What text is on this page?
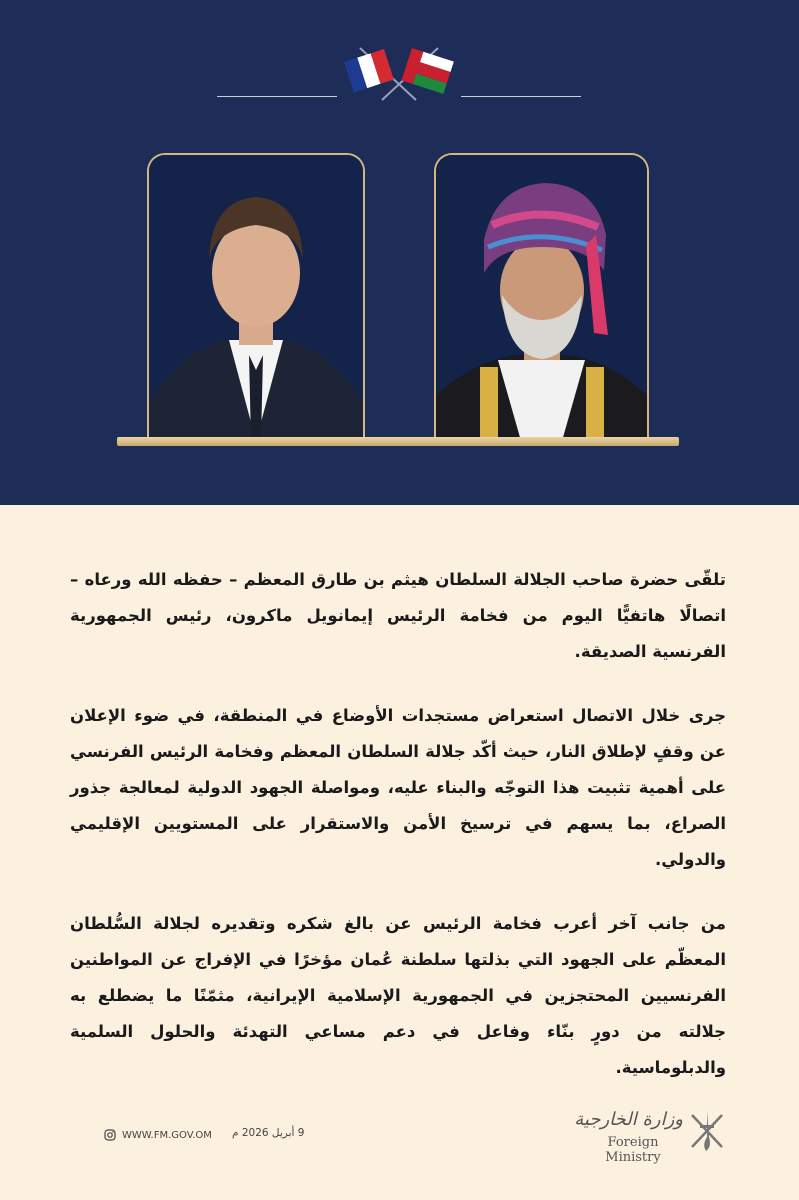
تلقّى حضرة صاحب الجلالة السلطان هيثم بن طارق المعظم – حفظه الله ورعاه – اتصالًا هاتفيًّا اليوم من فخامة الرئيس إيمانويل ماكرون، رئيس الجمهورية الفرنسية الصديقة.

جرى خلال الاتصال استعراض مستجدات الأوضاع في المنطقة، في ضوء الإعلان عن وقفٍ لإطلاق النار، حيث أكّد جلالة السلطان المعظم وفخامة الرئيس الفرنسي على أهمية تثبيت هذا التوجّه والبناء عليه، ومواصلة الجهود الدولية لمعالجة جذور الصراع، بما يسهم في ترسيخ الأمن والاستقرار على المستويين الإقليمي والدولي.

من جانب آخر أعرب فخامة الرئيس عن بالغ شكره وتقديره لجلالة السُّلطان المعظّم على الجهود التي بذلتها سلطنة عُمان مؤخرًا في الإفراج عن المواطنين الفرنسيين المحتجزين في الجمهورية الإسلامية الإيرانية، مثمّنًا ما يضطلع به جلالته من دورٍ بنّاء وفاعل في دعم مساعي التهدئة والحلول السلمية والدبلوماسية.

WWW.FM.GOV.OM 9 أبريل 2026 م
وزارة الخارجية
Foreign Ministry
